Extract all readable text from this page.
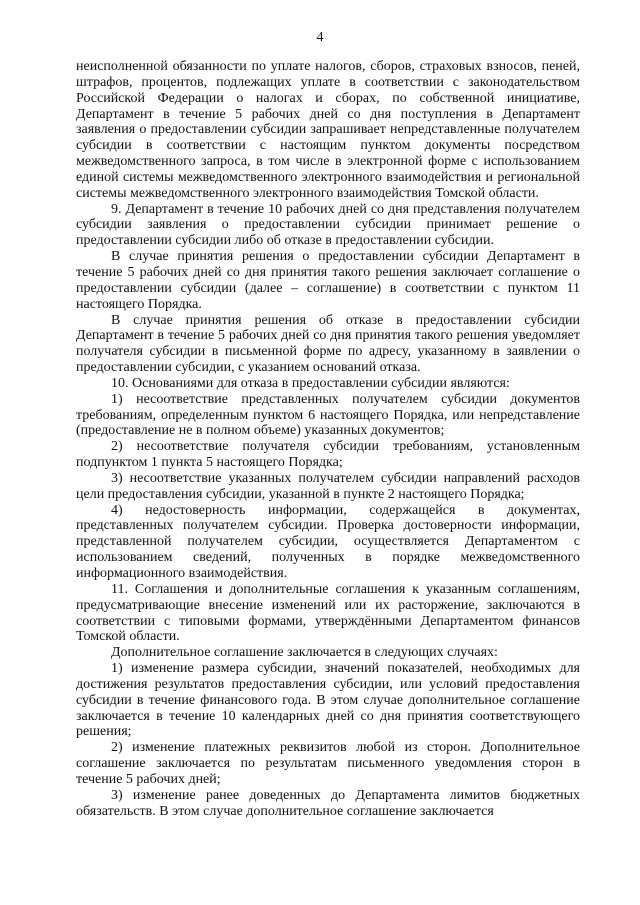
4

неисполненной обязанности по уплате налогов, сборов, страховых взносов, пеней, штрафов, процентов, подлежащих уплате в соответствии с законодательством Российской Федерации о налогах и сборах, по собственной инициативе, Департамент в течение 5 рабочих дней со дня поступления в Департамент заявления о предоставлении субсидии запрашивает непредставленные получателем субсидии в соответствии с настоящим пунктом документы посредством межведомственного запроса, в том числе в электронной форме с использованием единой системы межведомственного электронного взаимодействия и региональной системы межведомственного электронного взаимодействия Томской области.

9. Департамент в течение 10 рабочих дней со дня представления получателем субсидии заявления о предоставлении субсидии принимает решение о предоставлении субсидии либо об отказе в предоставлении субсидии.

В случае принятия решения о предоставлении субсидии Департамент в течение 5 рабочих дней со дня принятия такого решения заключает соглашение о предоставлении субсидии (далее – соглашение) в соответствии с пунктом 11 настоящего Порядка.

В случае принятия решения об отказе в предоставлении субсидии Департамент в течение 5 рабочих дней со дня принятия такого решения уведомляет получателя субсидии в письменной форме по адресу, указанному в заявлении о предоставлении субсидии, с указанием оснований отказа.

10. Основаниями для отказа в предоставлении субсидии являются:

1) несоответствие представленных получателем субсидии документов требованиям, определенным пунктом 6 настоящего Порядка, или непредставление (предоставление не в полном объеме) указанных документов;

2) несоответствие получателя субсидии требованиям, установленным подпунктом 1 пункта 5 настоящего Порядка;

3) несоответствие указанных получателем субсидии направлений расходов цели предоставления субсидии, указанной в пункте 2 настоящего Порядка;

4) недостоверность информации, содержащейся в документах, представленных получателем субсидии. Проверка достоверности информации, представленной получателем субсидии, осуществляется Департаментом с использованием сведений, полученных в порядке межведомственного информационного взаимодействия.

11. Соглашения и дополнительные соглашения к указанным соглашениям, предусматривающие внесение изменений или их расторжение, заключаются в соответствии с типовыми формами, утверждёнными Департаментом финансов Томской области.

Дополнительное соглашение заключается в следующих случаях:

1) изменение размера субсидии, значений показателей, необходимых для достижения результатов предоставления субсидии, или условий предоставления субсидии в течение финансового года. В этом случае дополнительное соглашение заключается в течение 10 календарных дней со дня принятия соответствующего решения;

2) изменение платежных реквизитов любой из сторон. Дополнительное соглашение заключается по результатам письменного уведомления сторон в течение 5 рабочих дней;

3) изменение ранее доведенных до Департамента лимитов бюджетных обязательств. В этом случае дополнительное соглашение заключается
